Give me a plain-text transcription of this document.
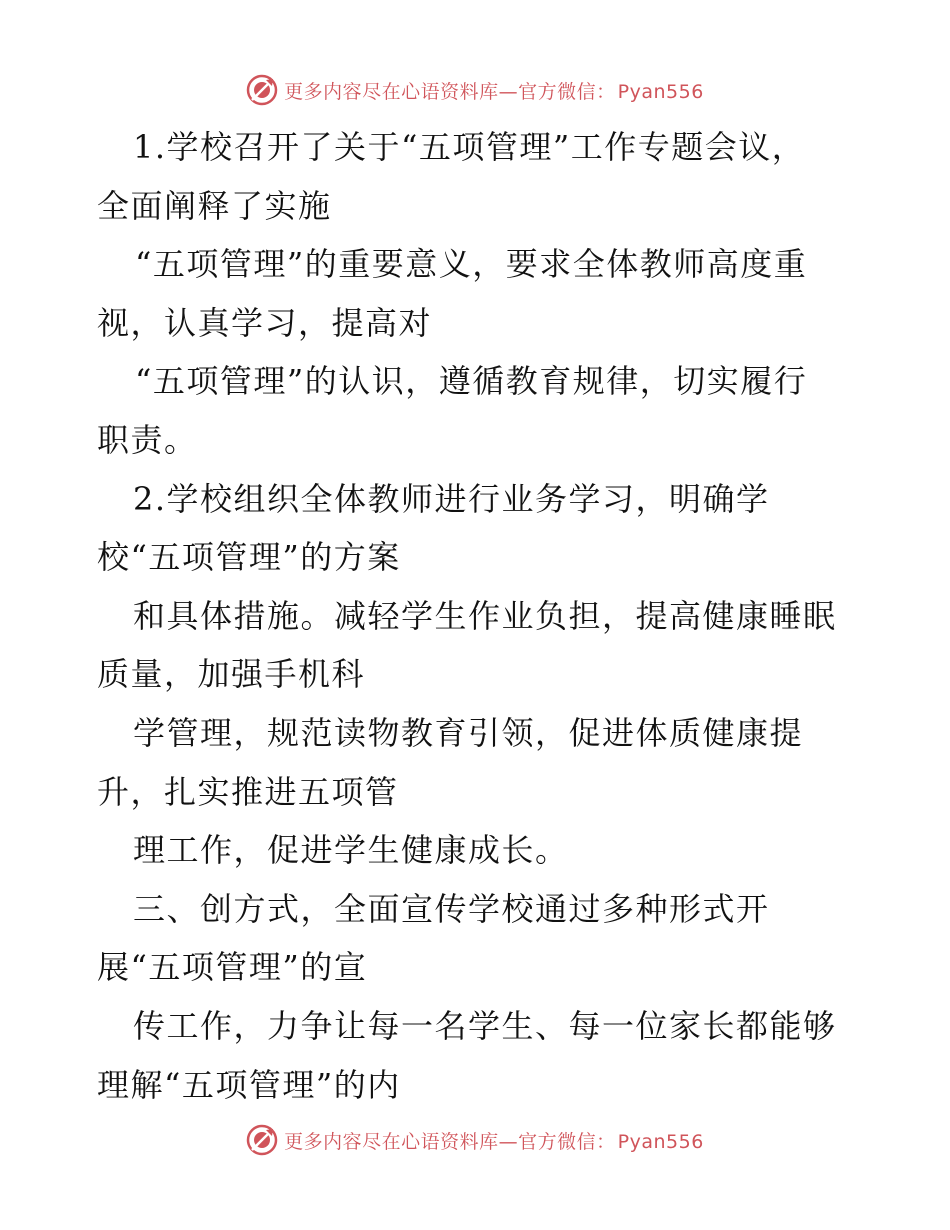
更多内容尽在心语资料库—官方微信： Pyan556
1.学校召开了关于“五项管理”工作专题会议，
全面阐释了实施
“五项管理”的重要意义，要求全体教师高度重
视，认真学习，提高对
“五项管理”的认识，遵循教育规律，切实履行
职责。
2.学校组织全体教师进行业务学习，明确学
校“五项管理”的方案
和具体措施。减轻学生作业负担，提高健康睡眠
质量，加强手机科
学管理，规范读物教育引领，促进体质健康提
升，扎实推进五项管
理工作，促进学生健康成长。
三、创方式，全面宣传学校通过多种形式开
展“五项管理”的宣
传工作，力争让每一名学生、每一位家长都能够
理解“五项管理”的内
更多内容尽在心语资料库—官方微信： Pyan556
